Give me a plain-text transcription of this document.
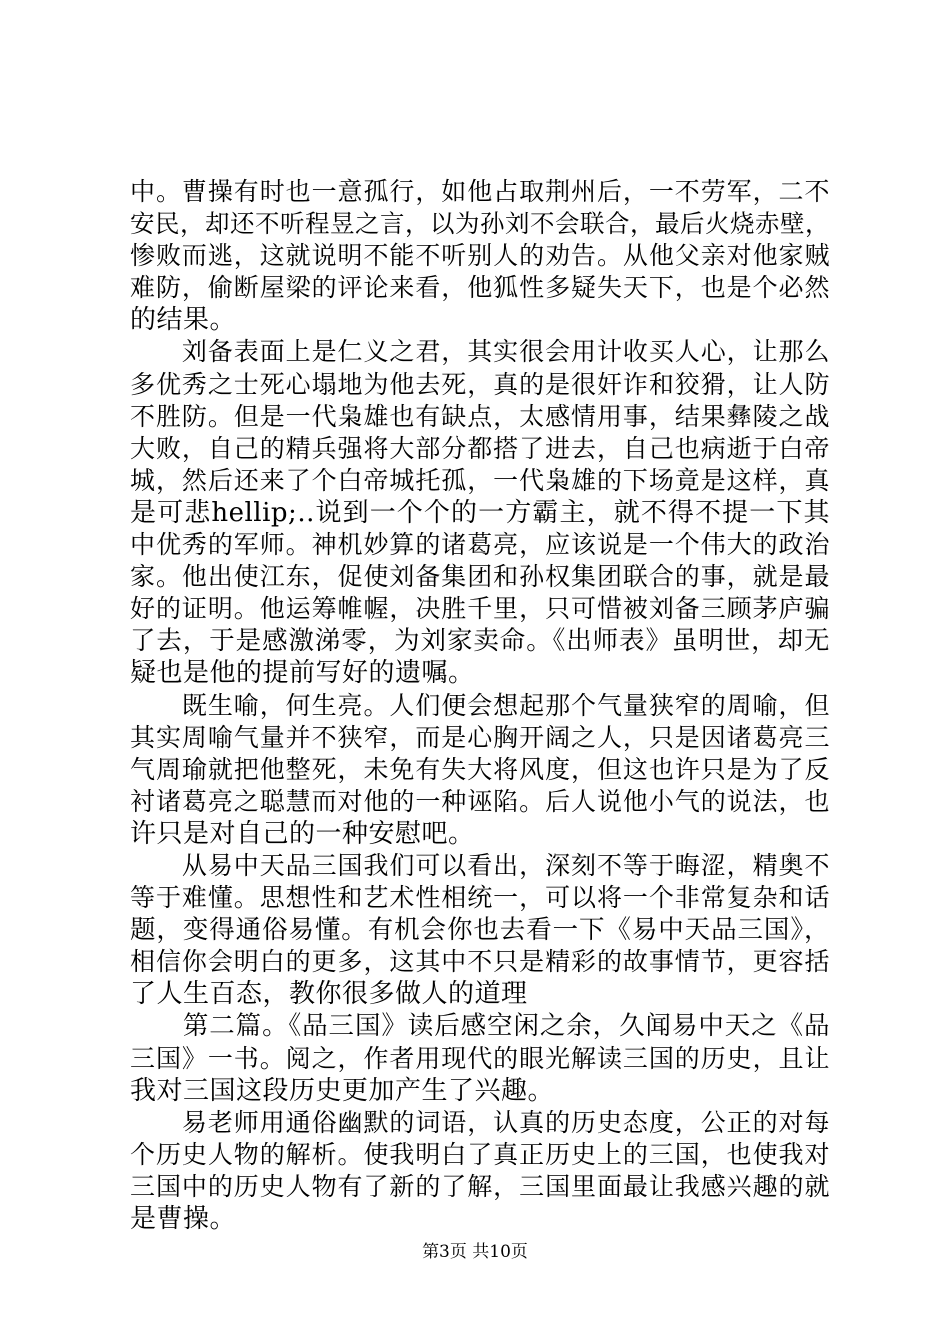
中。曹操有时也一意孤行，如他占取荆州后，一不劳军，二不
安民，却还不听程昱之言，以为孙刘不会联合，最后火烧赤壁，
惨败而逃，这就说明不能不听别人的劝告。从他父亲对他家贼
难防，偷断屋梁的评论来看，他狐性多疑失天下，也是个必然
的结果。
　　刘备表面上是仁义之君，其实很会用计收买人心，让那么
多优秀之士死心塌地为他去死，真的是很奸诈和狡猾，让人防
不胜防。但是一代枭雄也有缺点，太感情用事，结果彝陵之战
大败，自己的精兵强将大部分都搭了进去，自己也病逝于白帝
城，然后还来了个白帝城托孤，一代枭雄的下场竟是这样，真
是可悲hellip;..说到一个个的一方霸主，就不得不提一下其
中优秀的军师。神机妙算的诸葛亮，应该说是一个伟大的政治
家。他出使江东，促使刘备集团和孙权集团联合的事，就是最
好的证明。他运筹帷幄，决胜千里，只可惜被刘备三顾茅庐骗
了去，于是感激涕零，为刘家卖命。《出师表》虽明世，却无
疑也是他的提前写好的遗嘱。
　　既生喻，何生亮。人们便会想起那个气量狭窄的周喻，但
其实周喻气量并不狭窄，而是心胸开阔之人，只是因诸葛亮三
气周瑜就把他整死，未免有失大将风度，但这也许只是为了反
衬诸葛亮之聪慧而对他的一种诬陷。后人说他小气的说法，也
许只是对自己的一种安慰吧。
　　从易中天品三国我们可以看出，深刻不等于晦涩，精奥不
等于难懂。思想性和艺术性相统一，可以将一个非常复杂和话
题，变得通俗易懂。有机会你也去看一下《易中天品三国》，
相信你会明白的更多，这其中不只是精彩的故事情节，更容括
了人生百态，教你很多做人的道理
　　第二篇。《品三国》读后感空闲之余，久闻易中天之《品
三国》一书。阅之，作者用现代的眼光解读三国的历史，且让
我对三国这段历史更加产生了兴趣。
　　易老师用通俗幽默的词语，认真的历史态度，公正的对每
个历史人物的解析。使我明白了真正历史上的三国，也使我对
三国中的历史人物有了新的了解，三国里面最让我感兴趣的就
是曹操。
第3页 共10页
